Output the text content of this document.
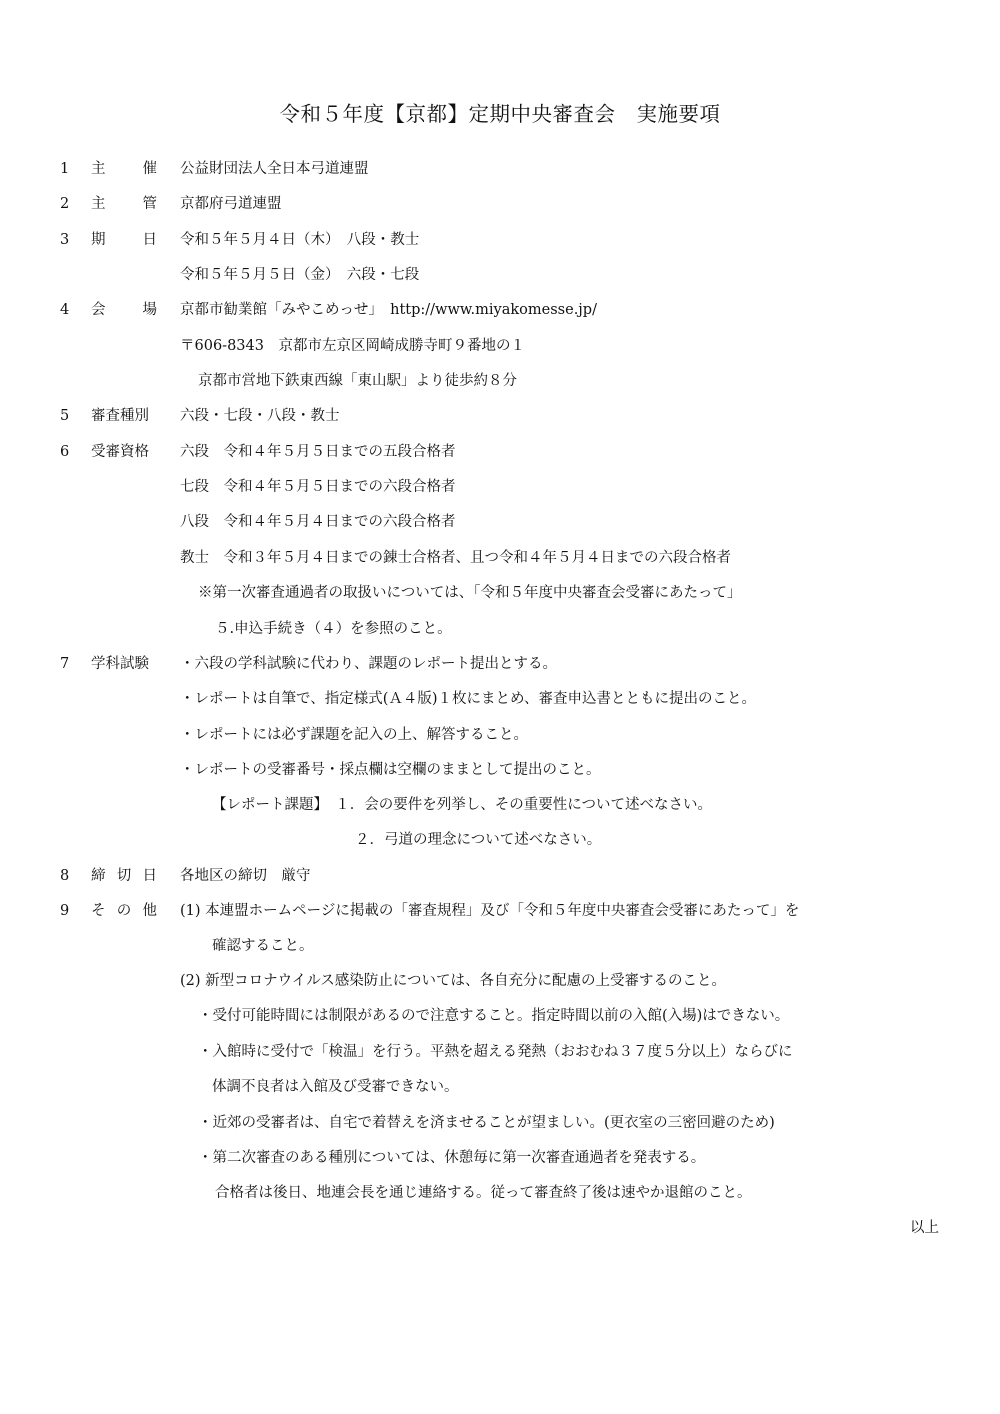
令和５年度【京都】定期中央審査会　実施要項
1	主	催 公益財団法人全日本弓道連盟
2	主	管 京都府弓道連盟
3	期	日 令和５年５月４日（木）　八段・教士
令和５年５月５日（金）　六段・七段
4	会	場 京都市勧業館「みやこめっせ」　http://www.miyakomesse.jp/
〒606-8343　京都市左京区岡崎成勝寺町９番地の１
京都市営地下鉄東西線「東山駅」より徒歩約８分
5	審査種別 六段・七段・八段・教士
6	受審資格 六段　令和４年５月５日までの五段合格者
七段　令和４年５月５日までの六段合格者
八段　令和４年５月４日までの六段合格者
教士　令和３年５月４日までの錬士合格者、且つ令和４年５月４日までの六段合格者
※第一次審査通過者の取扱いについては、「令和５年度中央審査会受審にあたって」
５.申込手続き（４）を参照のこと。
7	学科試験 ・六段の学科試験に代わり、課題のレポート提出とする。
・レポートは自筆で、指定様式(Ａ４版)１枚にまとめ、審査申込書とともに提出のこと。
・レポートには必ず課題を記入の上、解答すること。
・レポートの受審番号・採点欄は空欄のままとして提出のこと。
【レポート課題】　１．会の要件を列挙し、その重要性について述べなさい。
２．弓道の理念について述べなさい。
8	締 切 日 各地区の締切　厳守
9	そ の 他 (1) 本連盟ホームページに掲載の「審査規程」及び「令和５年度中央審査会受審にあたって」を
確認すること。
(2) 新型コロナウイルス感染防止については、各自充分に配慮の上受審するのこと。
・受付可能時間には制限があるので注意すること。指定時間以前の入館(入場)はできない。
・入館時に受付で「検温」を行う。平熱を超える発熱（おおむね３７度５分以上）ならびに
体調不良者は入館及び受審できない。
・近郊の受審者は、自宅で着替えを済ませることが望ましい。(更衣室の三密回避のため)
・第二次審査のある種別については、休憩毎に第一次審査通過者を発表する。
合格者は後日、地連会長を通じ連絡する。従って審査終了後は速やか退館のこと。
以上
